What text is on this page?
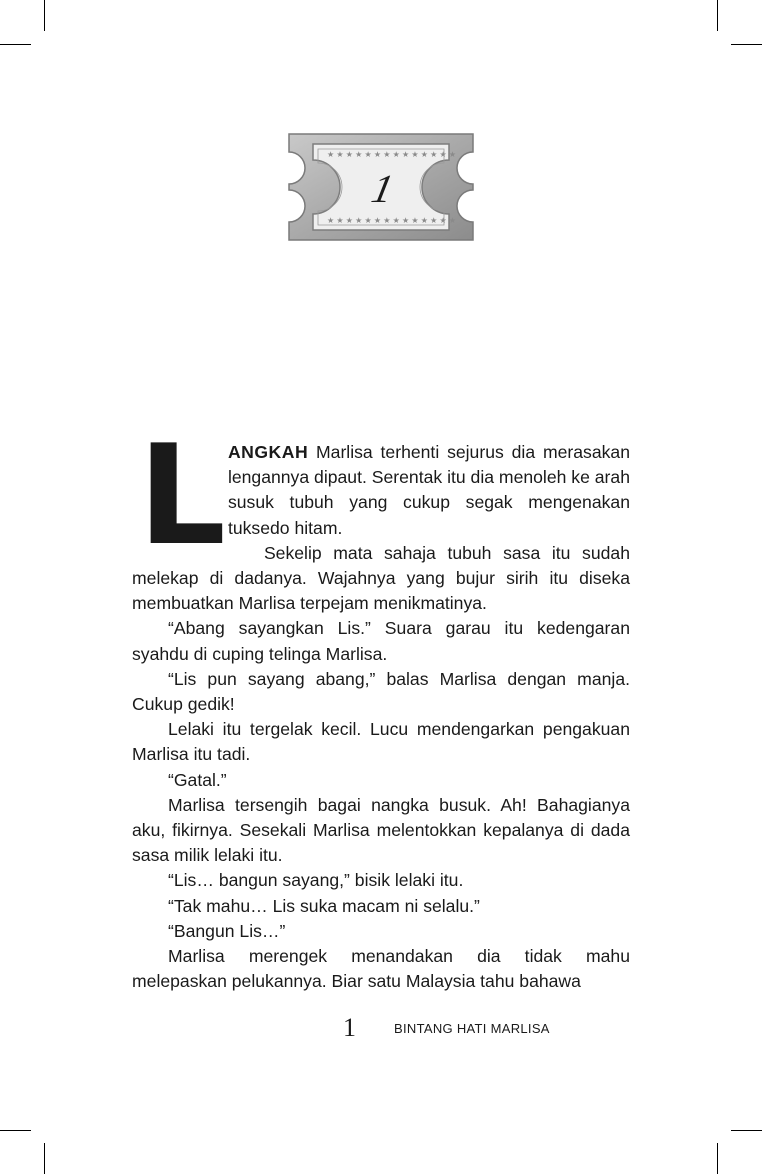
★★★★★★★★★★★★★★
★★★★★★★★★★★★★★
1
L ANGKAH Marlisa terhenti sejurus dia merasakan lengannya dipaut. Serentak itu dia menoleh ke arah susuk tubuh yang cukup segak mengenakan tuksedo hitam.

Sekelip mata sahaja tubuh sasa itu sudah melekap di dadanya. Wajahnya yang bujur sirih itu diseka membuatkan Marlisa terpejam menikmatinya.

“Abang sayangkan Lis.” Suara garau itu kedengaran syahdu di cuping telinga Marlisa.

“Lis pun sayang abang,” balas Marlisa dengan manja. Cukup gedik!

Lelaki itu tergelak kecil. Lucu mendengarkan pengakuan Marlisa itu tadi.

“Gatal.”

Marlisa tersengih bagai nangka busuk. Ah! Bahagianya aku, fikirnya. Sesekali Marlisa melentokkan kepalanya di dada sasa milik lelaki itu.

“Lis… bangun sayang,” bisik lelaki itu.

“Tak mahu… Lis suka macam ni selalu.”

“Bangun Lis…”

Marlisa merengek menandakan dia tidak mahu melepaskan pelukannya. Biar satu Malaysia tahu bahawa

1	BINTANG HATI MARLISA
